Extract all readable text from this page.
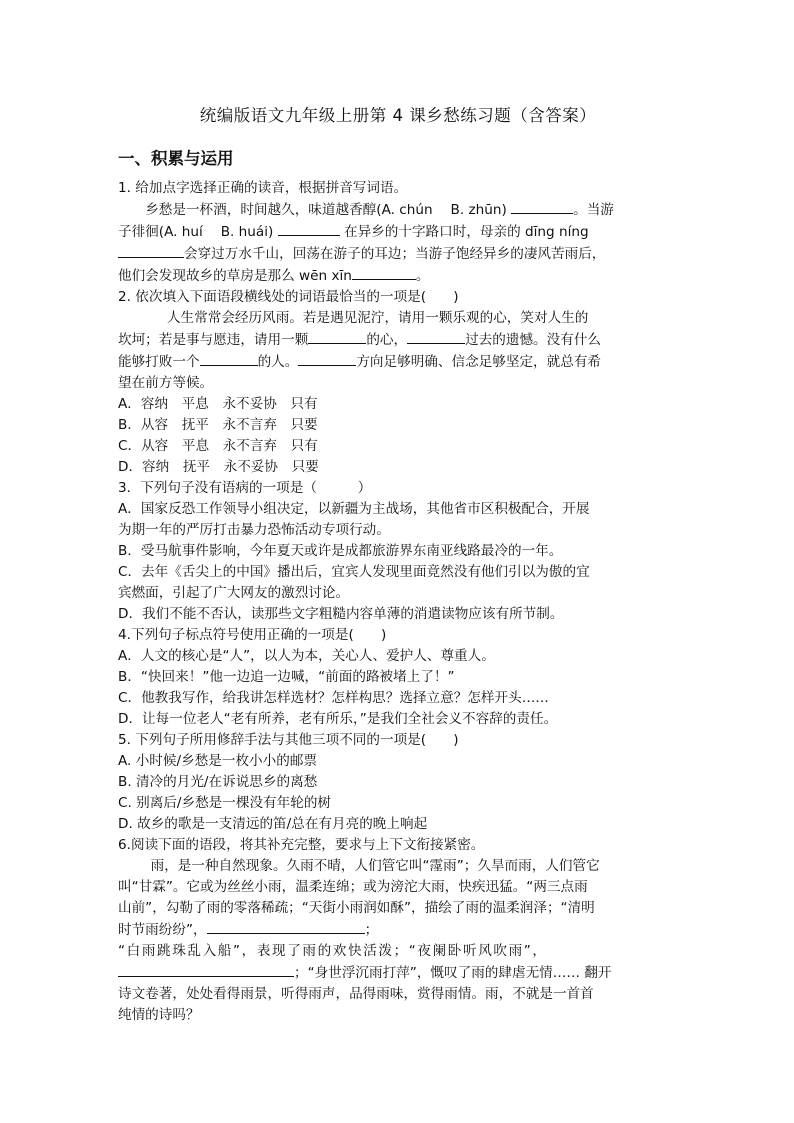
统编版语文九年级上册第 4 课乡愁练习题（含答案）
一、积累与运用

1. 给加点字选择正确的读音，根据拼音写词语。

乡愁是一杯酒，时间越久，味道越香醇(A. chún　 B. zhūn)	。当游

子徘徊(A. huí　 B. huái)	在异乡的十字路口时，母亲的 dīng níng

会穿过万水千山，回荡在游子的耳边；当游子饱经异乡的凄风苦雨后，

他们会发现故乡的草房是那么 wēn xīn	。

2. 依次填入下面语段横线处的词语最恰当的一项是(　　)

人生常常会经历风雨。若是遇见泥泞，请用一颗乐观的心，笑对人生的

坎坷；若是事与愿违，请用一颗	的心，	过去的遗憾。没有什么

能够打败一个	的人。	方向足够明确、信念足够坚定，就总有希

望在前方等候。

A．容纳　平息　永不妥协　只有

B．从容　抚平　永不言弃　只要

C．从容　平息　永不言弃　只有

D．容纳　抚平　永不妥协　只要

3．下列句子没有语病的一项是（　　　）

A．国家反恐工作领导小组决定，以新疆为主战场，其他省市区积极配合，开展

为期一年的严厉打击暴力恐怖活动专项行动。

B．受马航事件影响，今年夏天或许是成都旅游界东南亚线路最冷的一年。

C．去年《舌尖上的中国》播出后，宜宾人发现里面竟然没有他们引以为傲的宜

宾燃面，引起了广大网友的激烈讨论。

D．我们不能不否认，读那些文字粗糙内容单薄的消遣读物应该有所节制。

4.下列句子标点符号使用正确的一项是(　　)

A．人文的核心是“人”，以人为本，关心人、爱护人、尊重人。

B．“快回来！”他一边追一边喊，“前面的路被堵上了！”

C．他教我写作，给我讲怎样选材？怎样构思？选择立意？怎样开头……

D．让每一位老人“老有所养，老有所乐，”是我们全社会义不容辞的责任。

5. 下列句子所用修辞手法与其他三项不同的一项是(　　)

A. 小时候/乡愁是一枚小小的邮票

B. 清冷的月光/在诉说思乡的离愁

C. 别离后/乡愁是一棵没有年轮的树

D. 故乡的歌是一支清远的笛/总在有月亮的晚上响起

6.阅读下面的语段，将其补充完整，要求与上下文衔接紧密。

雨，是一种自然现象。久雨不晴，人们管它叫“霪雨”；久旱而雨，人们管它

叫“甘霖”。它或为丝丝小雨，温柔连绵；或为滂沱大雨，快疾迅猛。“两三点雨

山前”，勾勒了雨的零落稀疏；“天街小雨润如酥”，描绘了雨的温柔润泽；“清明

时节雨纷纷”，	；

“白雨跳珠乱入船”，表现了雨的欢快活泼；“夜阑卧听风吹雨”，

；“身世浮沉雨打萍”，慨叹了雨的肆虐无情…… 翻开

诗文卷著，处处看得雨景，听得雨声，品得雨味，赏得雨情。雨，不就是一首首

纯情的诗吗？
